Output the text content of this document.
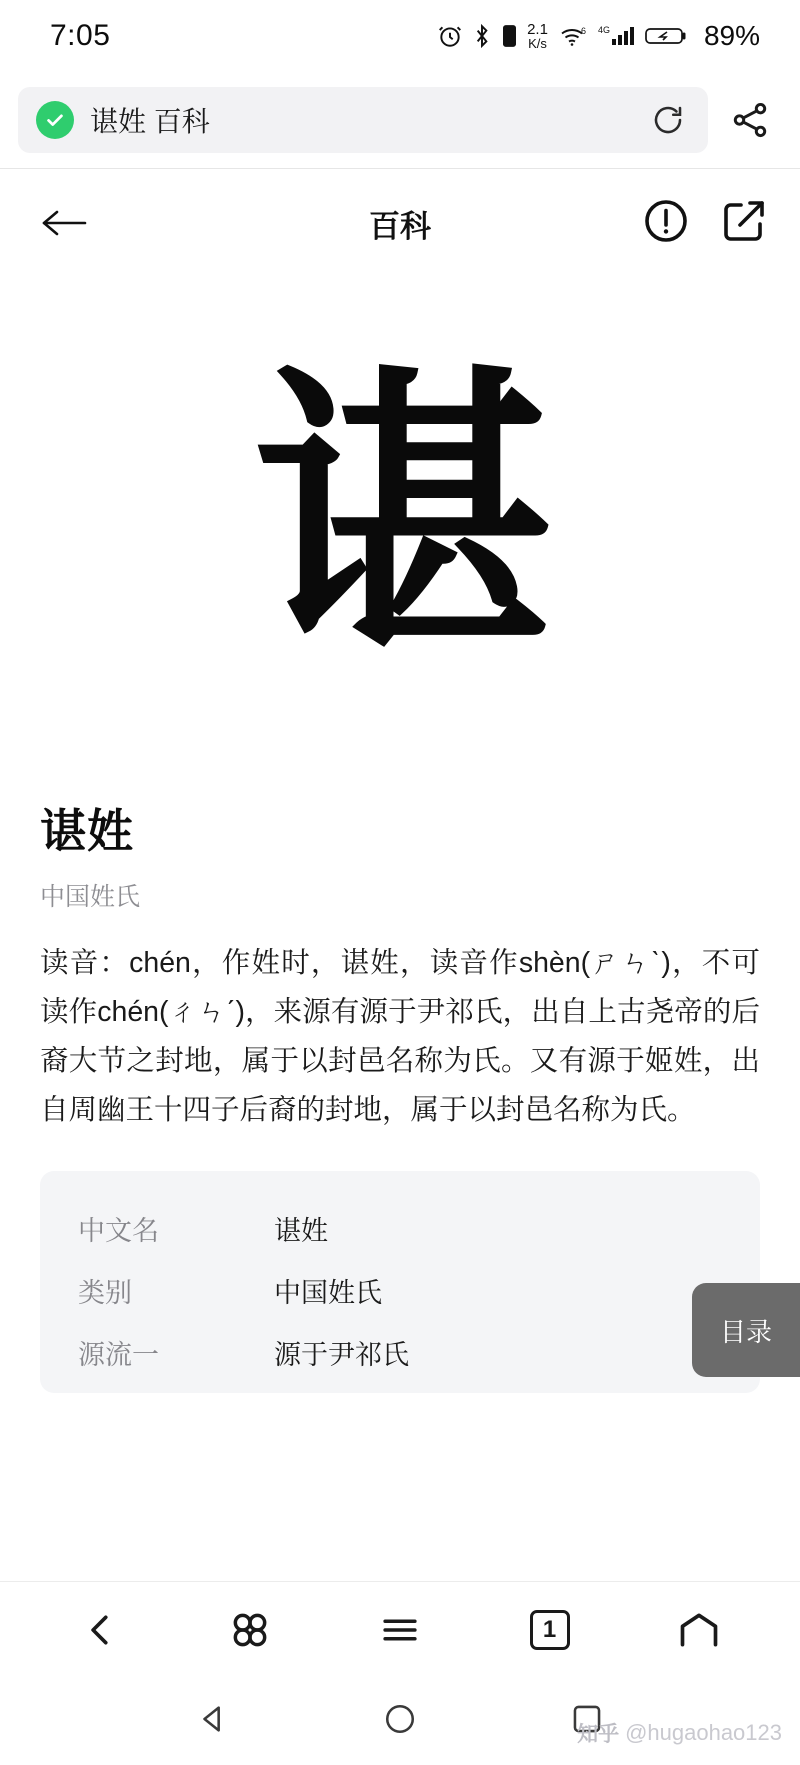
7:05	2.1
K/s
6 4G	89%
谌姓 百科
百科
谌
谌姓
中国姓氏
读音：chén，作姓时，谌姓，读音作shèn(ㄕㄣˋ)，不可读作chén(ㄔㄣˊ)，来源有源于尹祁氏，出自上古尧帝的后裔大节之封地，属于以封邑名称为氏。又有源于姬姓，出自周幽王十四子后裔的封地，属于以封邑名称为氏。
中文名	谌姓
类别	中国姓氏
源流一	源于尹祁氏
目录
1
知乎 @hugaohao123
